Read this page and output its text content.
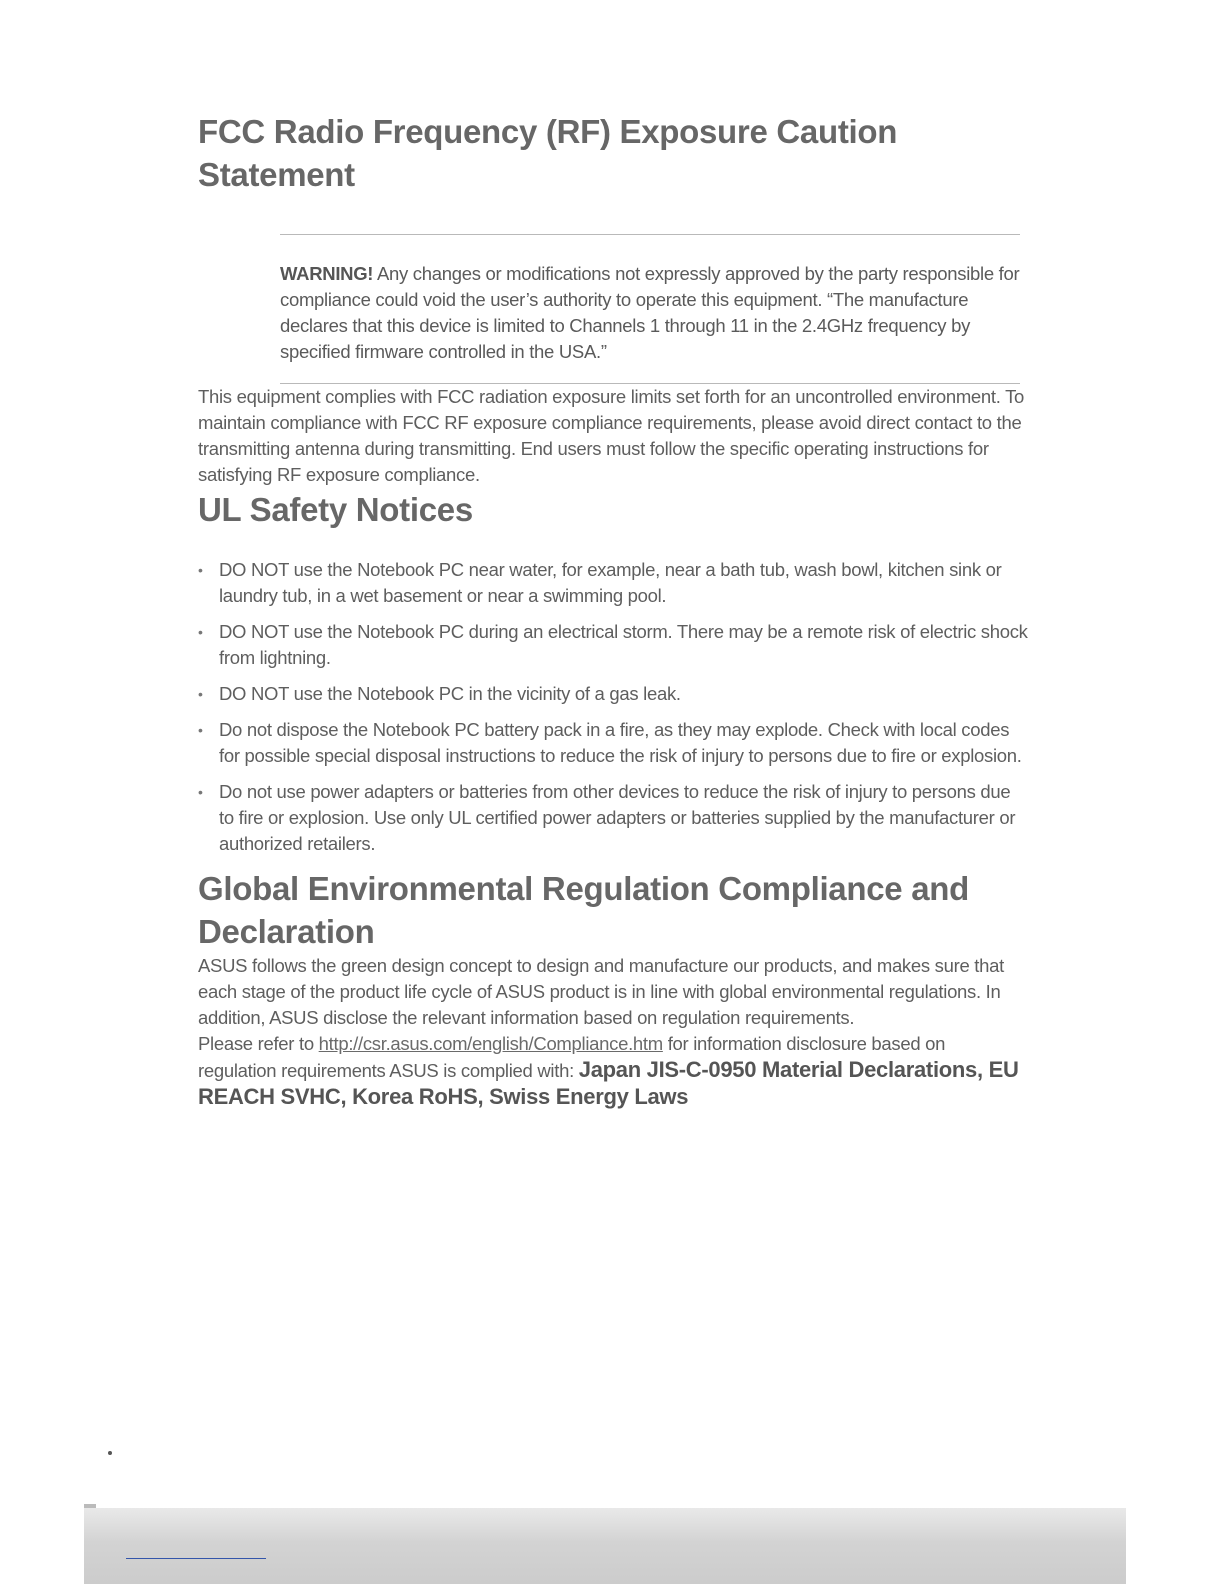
FCC Radio Frequency (RF) Exposure Caution Statement

WARNING! Any changes or modifications not expressly approved by the party responsible for compliance could void the user’s authority to operate this equipment. “The manufacture declares that this device is limited to Channels 1 through 11 in the 2.4GHz frequency by specified firmware controlled in the USA.”

This equipment complies with FCC radiation exposure limits set forth for an uncontrolled environment. To maintain compliance with FCC RF exposure compliance requirements, please avoid direct contact to the transmitting antenna during transmitting. End users must follow the specific operating instructions for satisfying RF exposure compliance.

UL Safety Notices
• DO NOT use the Notebook PC near water, for example, near a bath tub, wash bowl, kitchen sink or laundry tub, in a wet basement or near a swimming pool.
• DO NOT use the Notebook PC during an electrical storm. There may be a remote risk of electric shock from lightning.
• DO NOT use the Notebook PC in the vicinity of a gas leak.
• Do not dispose the Notebook PC battery pack in a fire, as they may explode. Check with local codes for possible special disposal instructions to reduce the risk of injury to persons due to fire or explosion.
• Do not use power adapters or batteries from other devices to reduce the risk of injury to persons due to fire or explosion. Use only UL certified power adapters or batteries supplied by the manufacturer or authorized retailers.
Global Environmental Regulation Compliance and Declaration

ASUS follows the green design concept to design and manufacture our products, and makes sure that each stage of the product life cycle of ASUS product is in line with global environmental regulations. In addition, ASUS disclose the relevant information based on regulation requirements.

Please refer to http://csr.asus.com/english/Compliance.htm for information disclosure based on regulation requirements ASUS is complied with: Japan JIS-C-0950 Material Declarations, EU REACH SVHC, Korea RoHS, Swiss Energy Laws
